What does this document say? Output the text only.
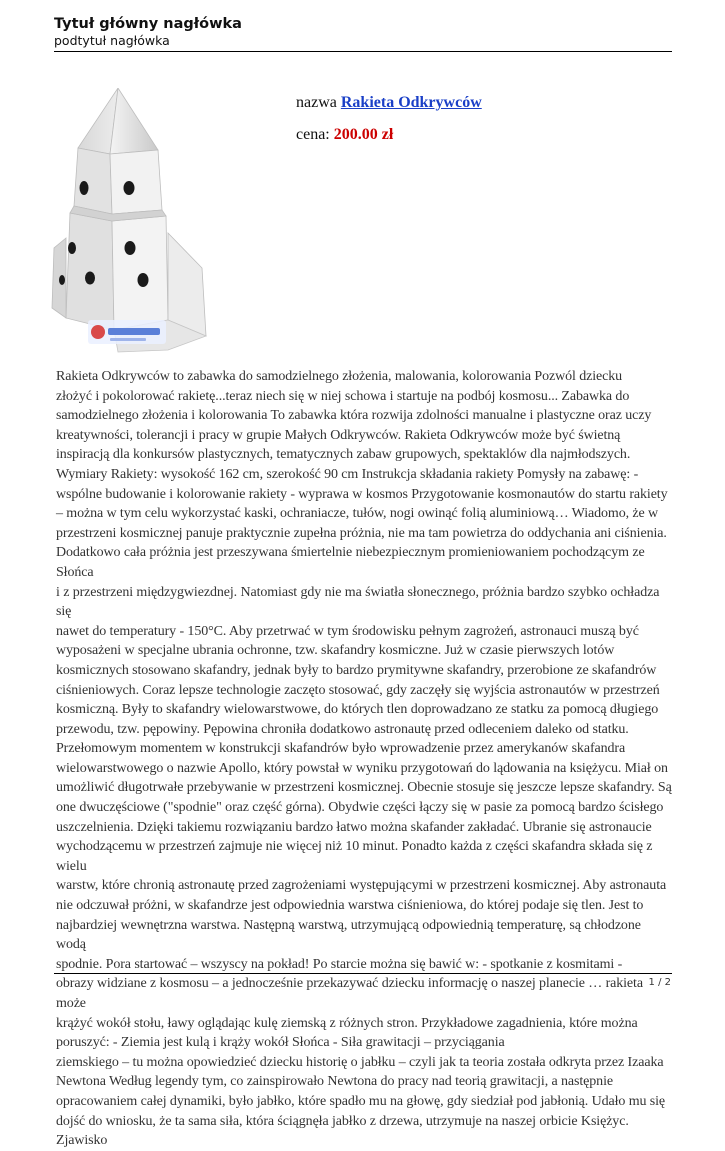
Tytuł główny nagłówka
podtytuł nagłówka
nazwa Rakieta Odkrywców
cena: 200.00 zł
Rakieta Odkrywców to zabawka do samodzielnego złożenia, malowania, kolorowania Pozwól dziecku
złożyć i pokolorować rakietę...teraz niech się w niej schowa i startuje na podbój kosmosu... Zabawka do
samodzielnego złożenia i kolorowania To zabawka która rozwija zdolności manualne i plastyczne oraz uczy
kreatywności, tolerancji i pracy w grupie Małych Odkrywców. Rakieta Odkrywców może być świetną
inspiracją dla konkursów plastycznych, tematycznych zabaw grupowych, spektaklów dla najmłodszych.
Wymiary Rakiety: wysokość 162 cm, szerokość 90 cm Instrukcja składania rakiety Pomysły na zabawę: -
wspólne budowanie i kolorowanie rakiety - wyprawa w kosmos Przygotowanie kosmonautów do startu rakiety
– można w tym celu wykorzystać kaski, ochraniacze, tułów, nogi owinąć folią aluminiową… Wiadomo, że w
przestrzeni kosmicznej panuje praktycznie zupełna próżnia, nie ma tam powietrza do oddychania ani ciśnienia.
Dodatkowo cała próżnia jest przeszywana śmiertelnie niebezpiecznym promieniowaniem pochodzącym ze Słońca
i z przestrzeni międzygwiezdnej. Natomiast gdy nie ma światła słonecznego, próżnia bardzo szybko ochładza się
nawet do temperatury - 150°C. Aby przetrwać w tym środowisku pełnym zagrożeń, astronauci muszą być
wyposażeni w specjalne ubrania ochronne, tzw. skafandry kosmiczne. Już w czasie pierwszych lotów
kosmicznych stosowano skafandry, jednak były to bardzo prymitywne skafandry, przerobione ze skafandrów
ciśnieniowych. Coraz lepsze technologie zaczęto stosować, gdy zaczęły się wyjścia astronautów w przestrzeń
kosmiczną. Były to skafandry wielowarstwowe, do których tlen doprowadzano ze statku za pomocą długiego
przewodu, tzw. pępowiny. Pępowina chroniła dodatkowo astronautę przed odleceniem daleko od statku.
Przełomowym momentem w konstrukcji skafandrów było wprowadzenie przez amerykanów skafandra
wielowarstwowego o nazwie Apollo, który powstał w wyniku przygotowań do lądowania na księżycu. Miał on
umożliwić długotrwałe przebywanie w przestrzeni kosmicznej. Obecnie stosuje się jeszcze lepsze skafandry. Są
one dwuczęściowe ("spodnie" oraz część górna). Obydwie części łączy się w pasie za pomocą bardzo ścisłego
uszczelnienia. Dzięki takiemu rozwiązaniu bardzo łatwo można skafander zakładać. Ubranie się astronaucie
wychodzącemu w przestrzeń zajmuje nie więcej niż 10 minut. Ponadto każda z części skafandra składa się z wielu
warstw, które chronią astronautę przed zagrożeniami występującymi w przestrzeni kosmicznej. Aby astronauta
nie odczuwał próżni, w skafandrze jest odpowiednia warstwa ciśnieniowa, do której podaje się tlen. Jest to
najbardziej wewnętrzna warstwa. Następną warstwą, utrzymującą odpowiednią temperaturę, są chłodzone wodą
spodnie. Pora startować – wszyscy na pokład! Po starcie można się bawić w: - spotkanie z kosmitami -
obrazy widziane z kosmosu – a jednocześnie przekazywać dziecku informację o naszej planecie … rakieta może
krążyć wokół stołu, ławy oglądając kulę ziemską z różnych stron. Przykładowe zagadnienia, które można
poruszyć: - Ziemia jest kulą i krąży wokół Słońca - Siła grawitacji – przyciągania
ziemskiego – tu można opowiedzieć dziecku historię o jabłku – czyli jak ta teoria została odkryta przez Izaaka
Newtona Według legendy tym, co zainspirowało Newtona do pracy nad teorią grawitacji, a następnie
opracowaniem całej dynamiki, było jabłko, które spadło mu na głowę, gdy siedział pod jabłonią. Udało mu się
dojść do wniosku, że ta sama siła, która ściągnęła jabłko z drzewa, utrzymuje na naszej orbicie Księżyc. Zjawisko
1 / 2
